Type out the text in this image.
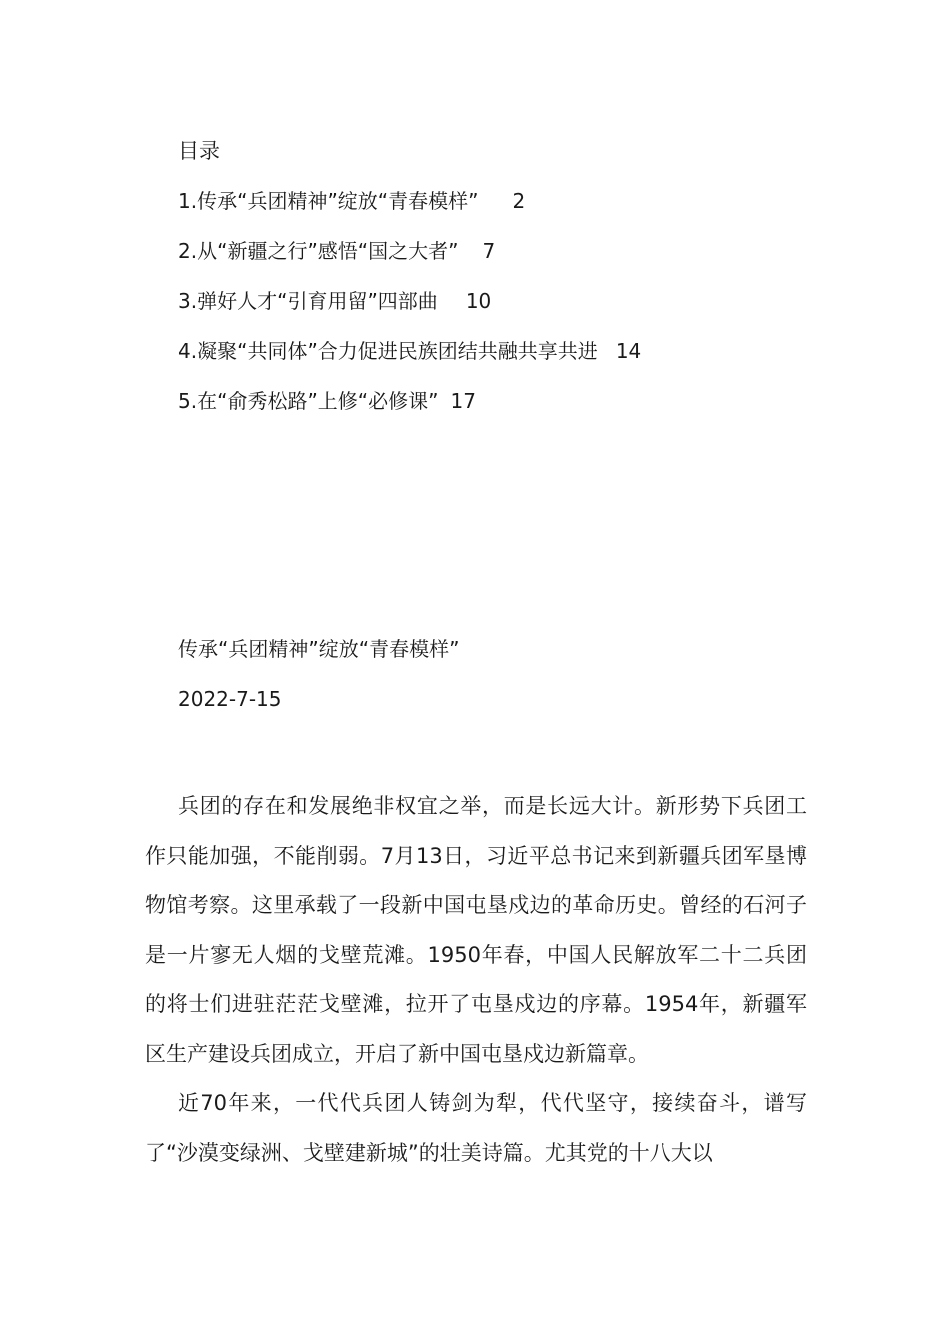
目录
1.传承“兵团精神”绽放“青春模样” 2
2.从“新疆之行”感悟“国之大者” 7
3.弹好人才“引育用留”四部曲 10
4.凝聚“共同体”合力促进民族团结共融共享共进 14
5.在“俞秀松路”上修“必修课” 17
传承“兵团精神”绽放“青春模样”
2022-7-15

兵团的存在和发展绝非权宜之举，而是长远大计。新形势下兵团工作只能加强，不能削弱。7月13日，习近平总书记来到新疆兵团军垦博物馆考察。这里承载了一段新中国屯垦戍边的革命历史。曾经的石河子是一片寥无人烟的戈壁荒滩。1950年春，中国人民解放军二十二兵团的将士们进驻茫茫戈壁滩，拉开了屯垦戍边的序幕。1954年，新疆军区生产建设兵团成立，开启了新中国屯垦戍边新篇章。

近70年来，一代代兵团人铸剑为犁，代代坚守，接续奋斗，谱写了“沙漠变绿洲、戈壁建新城”的壮美诗篇。尤其党的十八大以
